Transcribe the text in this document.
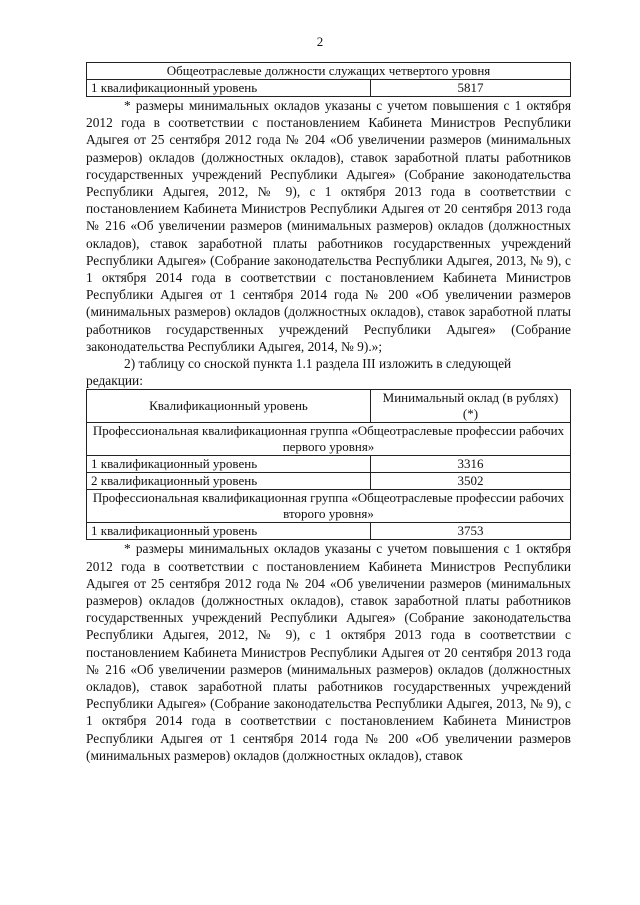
2
Общеотраслевые должности служащих четвертого уровня
1 квалификационный уровень	5817

* размеры минимальных окладов указаны с учетом повышения с 1 октября 2012 года в соответствии с постановлением Кабинета Министров Республики Адыгея от 25 сентября 2012 года № 204 «Об увеличении размеров (минимальных размеров) окладов (должностных окладов), ставок заработной платы работников государственных учреждений Республики Адыгея» (Собрание законодательства Республики Адыгея, 2012, № 9), с 1 октября 2013 года в соответствии с постановлением Кабинета Министров Республики Адыгея от 20 сентября 2013 года № 216 «Об увеличении размеров (минимальных размеров) окладов (должностных окладов), ставок заработной платы работников государственных учреждений Республики Адыгея» (Собрание законодательства Республики Адыгея, 2013, № 9), с 1 октября 2014 года в соответствии с постановлением Кабинета Министров Республики Адыгея от 1 сентября 2014 года № 200 «Об увеличении размеров (минимальных размеров) окладов (должностных окладов), ставок заработной платы работников государственных учреждений Республики Адыгея» (Собрание законодательства Республики Адыгея, 2014, № 9).»;

2) таблицу со сноской пункта 1.1 раздела III изложить в следующей

редакции:

Квалификационный уровень	Минимальный оклад (в рублях) (*)
Профессиональная квалификационная группа «Общеотраслевые профессии рабочих первого уровня»	
1 квалификационный уровень	3316
2 квалификационный уровень	3502
Профессиональная квалификационная группа «Общеотраслевые профессии рабочих второго уровня»	
1 квалификационный уровень	3753

* размеры минимальных окладов указаны с учетом повышения с 1 октября 2012 года в соответствии с постановлением Кабинета Министров Республики Адыгея от 25 сентября 2012 года № 204 «Об увеличении размеров (минимальных размеров) окладов (должностных окладов), ставок заработной платы работников государственных учреждений Республики Адыгея» (Собрание законодательства Республики Адыгея, 2012, № 9), с 1 октября 2013 года в соответствии с постановлением Кабинета Министров Республики Адыгея от 20 сентября 2013 года № 216 «Об увеличении размеров (минимальных размеров) окладов (должностных окладов), ставок заработной платы работников государственных учреждений Республики Адыгея» (Собрание законодательства Республики Адыгея, 2013, № 9), с 1 октября 2014 года в соответствии с постановлением Кабинета Министров Республики Адыгея от 1 сентября 2014 года № 200 «Об увеличении размеров (минимальных размеров) окладов (должностных окладов), ставок
